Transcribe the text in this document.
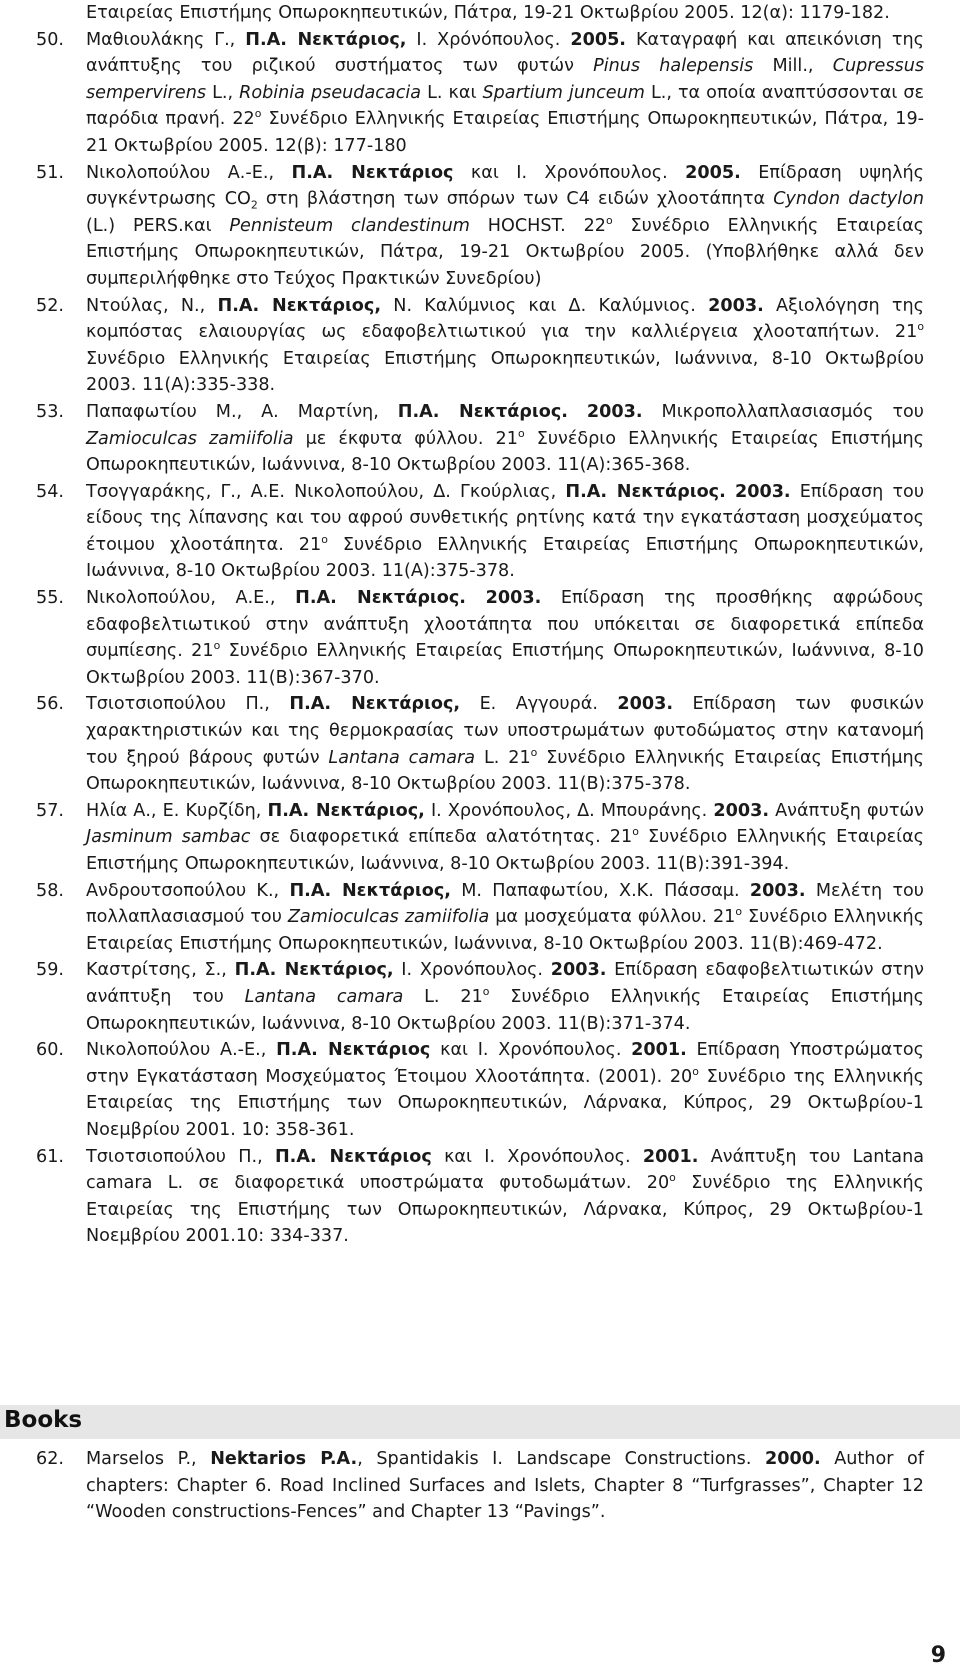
Εταιρείας Επιστήμης Οπωροκηπευτικών, Πάτρα, 19-21 Οκτωβρίου 2005. 12(α): 1179-182.
50. Μαθιουλάκης Γ., Π.Α. Νεκτάριος, Ι. Χρόνόπουλος. 2005. Καταγραφή και απεικόνιση της ανάπτυξης του ριζικού συστήματος των φυτών Pinus halepensis Mill., Cupressus sempervirens L., Robinia pseudacacia L. και Spartium junceum L., τα οποία αναπτύσσονται σε παρόδια πρανή. $22^o$ Συνέδριο Ελληνικής Εταιρείας Επιστήμης Οπωροκηπευτικών, Πάτρα, 19-21 Οκτωβρίου 2005. 12(β): 177-180
51. Νικολοπούλου Α.-Ε., Π.Α. Νεκτάριος και Ι. Χρονόπουλος. 2005. Επίδραση υψηλής συγκέντρωσης $CO_2$ στη βλάστηση των σπόρων των C4 ειδών χλοοτάπητα Cyndon dactylon (L.) PERS.και Pennisteum clandestinum HOCHST. $22^o$ Συνέδριο Ελληνικής Εταιρείας Επιστήμης Οπωροκηπευτικών, Πάτρα, 19-21 Οκτωβρίου 2005. (Υποβλήθηκε αλλά δεν συμπεριλήφθηκε στο Τεύχος Πρακτικών Συνεδρίου)
52. Ντούλας, Ν., Π.Α. Νεκτάριος, Ν. Καλύμνιος και Δ. Καλύμνιος. 2003. Αξιολόγηση της κομπόστας ελαιουργίας ως εδαφοβελτιωτικού για την καλλιέργεια χλοοταπήτων. $21^o$ Συνέδριο Ελληνικής Εταιρείας Επιστήμης Οπωροκηπευτικών, Ιωάννινα, 8-10 Οκτωβρίου 2003. 11(Α):335-338.
53. Παπαφωτίου Μ., Α. Μαρτίνη, Π.Α. Νεκτάριος. 2003. Μικροπολλαπλασιασμός του Zamioculcas zamiifolia με έκφυτα φύλλου. $21^o$ Συνέδριο Ελληνικής Εταιρείας Επιστήμης Οπωροκηπευτικών, Ιωάννινα, 8-10 Οκτωβρίου 2003. 11(Α):365-368.
54. Τσογγαράκης, Γ., Α.Ε. Νικολοπούλου, Δ. Γκούρλιας, Π.Α. Νεκτάριος. 2003. Επίδραση του είδους της λίπανσης και του αφρού συνθετικής ρητίνης κατά την εγκατάσταση μοσχεύματος έτοιμου χλοοτάπητα. $21^o$ Συνέδριο Ελληνικής Εταιρείας Επιστήμης Οπωροκηπευτικών, Ιωάννινα, 8-10 Οκτωβρίου 2003. 11(Α):375-378.
55. Νικολοπούλου, Α.Ε., Π.Α. Νεκτάριος. 2003. Επίδραση της προσθήκης αφρώδους εδαφοβελτιωτικού στην ανάπτυξη χλοοτάπητα που υπόκειται σε διαφορετικά επίπεδα συμπίεσης. $21^o$ Συνέδριο Ελληνικής Εταιρείας Επιστήμης Οπωροκηπευτικών, Ιωάννινα, 8-10 Οκτωβρίου 2003. 11(Β):367-370.
56. Τσιοτσιοπούλου Π., Π.Α. Νεκτάριος, Ε. Αγγουρά. 2003. Επίδραση των φυσικών χαρακτηριστικών και της θερμοκρασίας των υποστρωμάτων φυτοδώματος στην κατανομή του ξηρού βάρους φυτών Lantana camara L. $21^o$ Συνέδριο Ελληνικής Εταιρείας Επιστήμης Οπωροκηπευτικών, Ιωάννινα, 8-10 Οκτωβρίου 2003. 11(Β):375-378.
57. Ηλία Α., Ε. Κυρζίδη, Π.Α. Νεκτάριος, Ι. Χρονόπουλος, Δ. Μπουράνης. 2003. Ανάπτυξη φυτών Jasminum sambac σε διαφορετικά επίπεδα αλατότητας. $21^o$ Συνέδριο Ελληνικής Εταιρείας Επιστήμης Οπωροκηπευτικών, Ιωάννινα, 8-10 Οκτωβρίου 2003. 11(Β):391-394.
58. Ανδρουτσοπούλου Κ., Π.Α. Νεκτάριος, Μ. Παπαφωτίου, Χ.Κ. Πάσσαμ. 2003. Μελέτη του πολλαπλασιασμού του Zamioculcas zamiifolia μα μοσχεύματα φύλλου. $21^o$ Συνέδριο Ελληνικής Εταιρείας Επιστήμης Οπωροκηπευτικών, Ιωάννινα, 8-10 Οκτωβρίου 2003. 11(Β):469-472.
59. Καστρίτσης, Σ., Π.Α. Νεκτάριος, Ι. Χρονόπουλος. 2003. Επίδραση εδαφοβελτιωτικών στην ανάπτυξη του Lantana camara L. $21^o$ Συνέδριο Ελληνικής Εταιρείας Επιστήμης Οπωροκηπευτικών, Ιωάννινα, 8-10 Οκτωβρίου 2003. 11(Β):371-374.
60. Νικολοπούλου Α.-Ε., Π.Α. Νεκτάριος και Ι. Χρονόπουλος. 2001. Επίδραση Υποστρώματος στην Εγκατάσταση Μοσχεύματος Έτοιμου Χλοοτάπητα. (2001). $20^o$ Συνέδριο της Ελληνικής Εταιρείας της Επιστήμης των Οπωροκηπευτικών, Λάρνακα, Κύπρος, 29 Οκτωβρίου-1 Νοεμβρίου 2001. 10: 358-361.
61. Τσιοτσιοπούλου Π., Π.Α. Νεκτάριος και Ι. Χρονόπουλος. 2001. Ανάπτυξη του Lantana camara L. σε διαφορετικά υποστρώματα φυτοδωμάτων. $20^o$ Συνέδριο της Ελληνικής Εταιρείας της Επιστήμης των Οπωροκηπευτικών, Λάρνακα, Κύπρος, 29 Οκτωβρίου-1 Νοεμβρίου 2001.10: 334-337.
Books
62. Marselos P., Nektarios P.A., Spantidakis I. Landscape Constructions. 2000. Author of chapters: Chapter 6. Road Inclined Surfaces and Islets, Chapter 8 “Turfgrasses”, Chapter 12 “Wooden constructions-Fences” and Chapter 13 “Pavings”.
9
